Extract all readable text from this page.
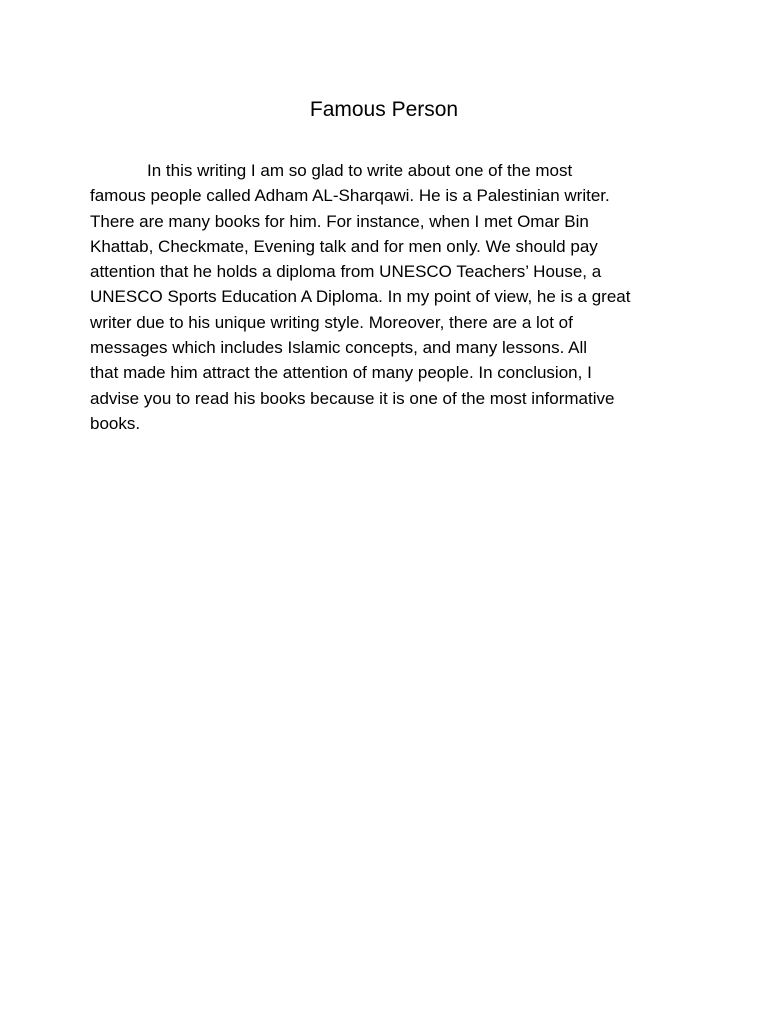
Famous Person
In this writing I am so glad to write about one of the most
famous people called Adham AL-Sharqawi. He is a Palestinian writer.
There are many books for him. For instance, when I met Omar Bin
Khattab, Checkmate, Evening talk and for men only. We should pay
attention that he holds a diploma from UNESCO Teachers’ House, a
UNESCO Sports Education A Diploma. In my point of view, he is a great
writer due to his unique writing style. Moreover, there are a lot of
messages which includes Islamic concepts, and many lessons. All
that made him attract the attention of many people. In conclusion, I
advise you to read his books because it is one of the most informative
books.
